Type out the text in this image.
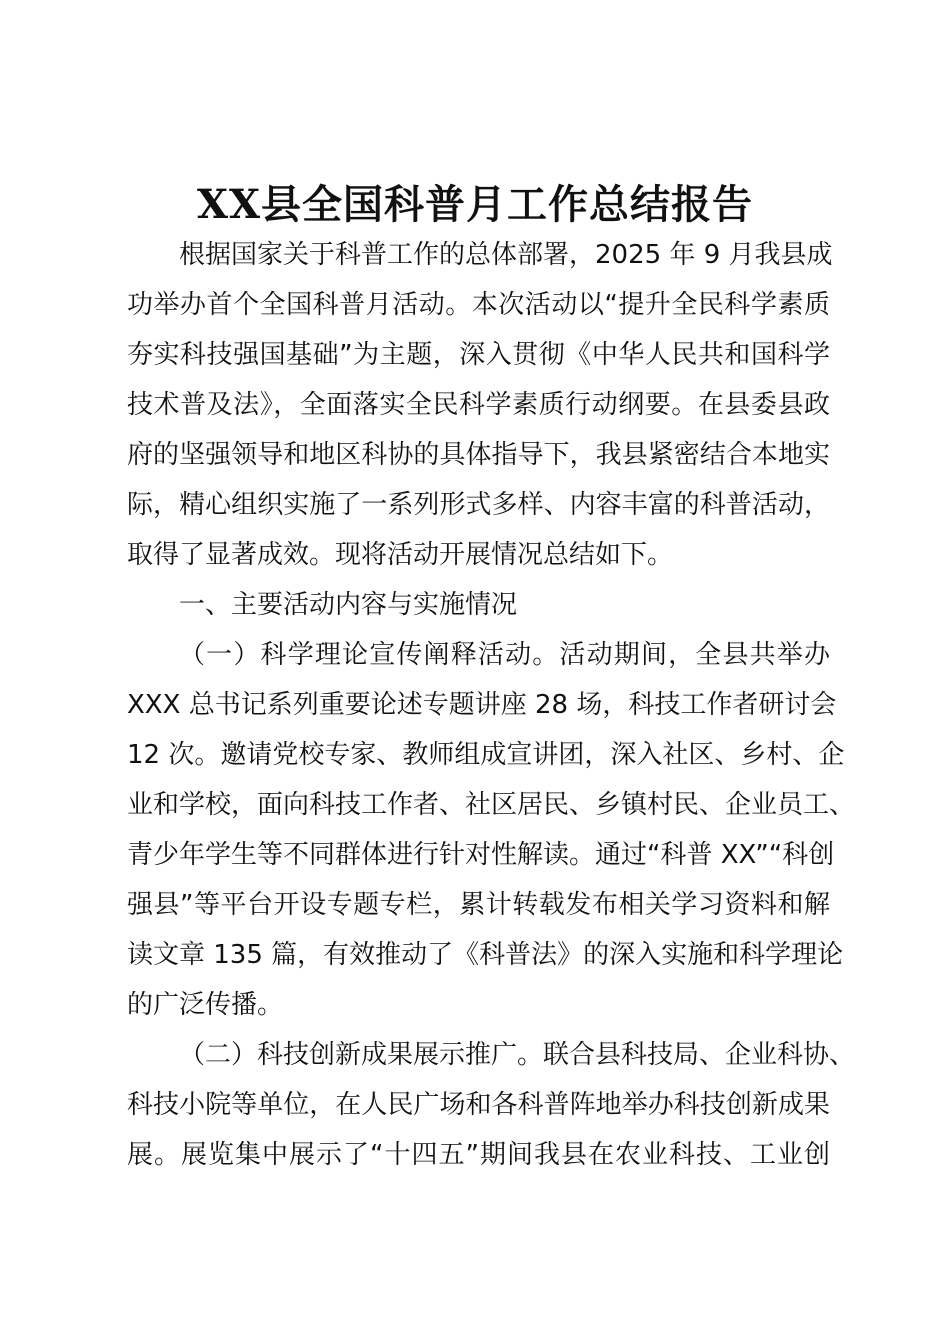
XX县全国科普月工作总结报告
根据国家关于科普工作的总体部署，2025 年 9 月我县成
功举办首个全国科普月活动。本次活动以“提升全民科学素质
夯实科技强国基础”为主题，深入贯彻《中华人民共和国科学
技术普及法》，全面落实全民科学素质行动纲要。在县委县政
府的坚强领导和地区科协的具体指导下，我县紧密结合本地实
际，精心组织实施了一系列形式多样、内容丰富的科普活动，
取得了显著成效。现将活动开展情况总结如下。
一、主要活动内容与实施情况
（一）科学理论宣传阐释活动。活动期间，全县共举办
XXX 总书记系列重要论述专题讲座 28 场，科技工作者研讨会
12 次。邀请党校专家、教师组成宣讲团，深入社区、乡村、企
业和学校，面向科技工作者、社区居民、乡镇村民、企业员工、
青少年学生等不同群体进行针对性解读。通过“科普 XX”“科创
强县”等平台开设专题专栏，累计转载发布相关学习资料和解
读文章 135 篇，有效推动了《科普法》的深入实施和科学理论
的广泛传播。
（二）科技创新成果展示推广。联合县科技局、企业科协、
科技小院等单位，在人民广场和各科普阵地举办科技创新成果
展。展览集中展示了“十四五”期间我县在农业科技、工业创
